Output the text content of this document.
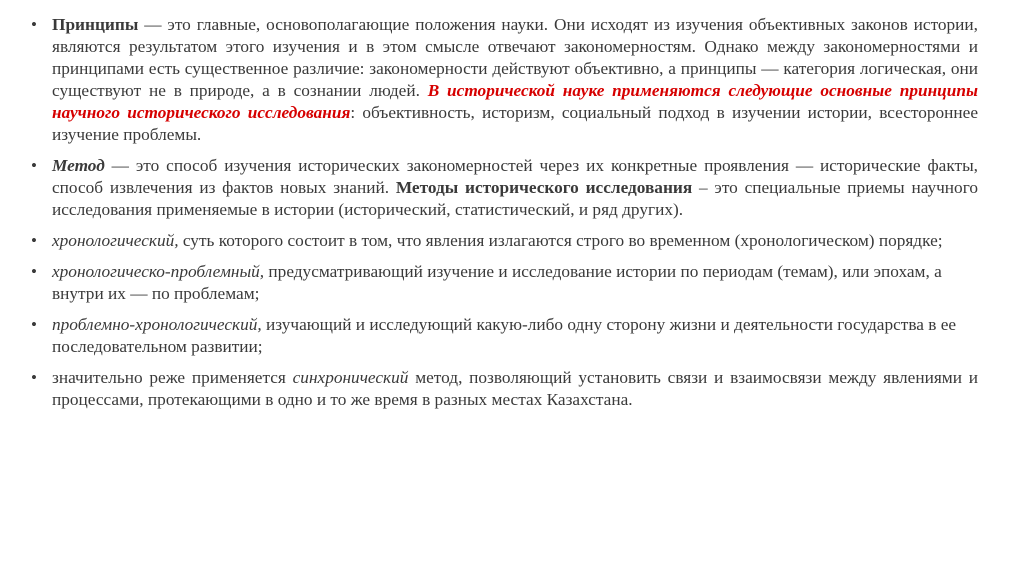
• Принципы — это главные, основополагающие положения науки. Они исходят из изучения объективных законов истории, являются результатом этого изучения и в этом смысле отвечают закономерностям. Однако между закономерностями и принципами есть существенное различие: закономерности действуют объективно, а принципы — категория логическая, они существуют не в природе, а в сознании людей. В исторической науке применяются следующие основные принципы научного исторического исследования: объективность, историзм, социальный подход в изучении истории, всестороннее изучение проблемы.
• Метод — это способ изучения исторических закономерностей через их конкретные проявления — исторические факты, способ извлечения из фактов новых знаний. Методы исторического исследования – это специальные приемы научного исследования применяемые в истории (исторический, статистический, и ряд других).
• хронологический, суть которого состоит в том, что явления излагаются строго во временном (хронологическом) порядке;
• хронологическо-проблемный, предусматривающий изучение и исследование истории по периодам (темам), или эпохам, а внутри их — по проблемам;
• проблемно-хронологический, изучающий и исследующий какую-либо одну сторону жизни и деятельности государства в ее последовательном развитии;
• значительно реже применяется синхронический метод, позволяющий установить связи и взаимосвязи между явлениями и процессами, протекающими в одно и то же время в разных местах Казахстана.
